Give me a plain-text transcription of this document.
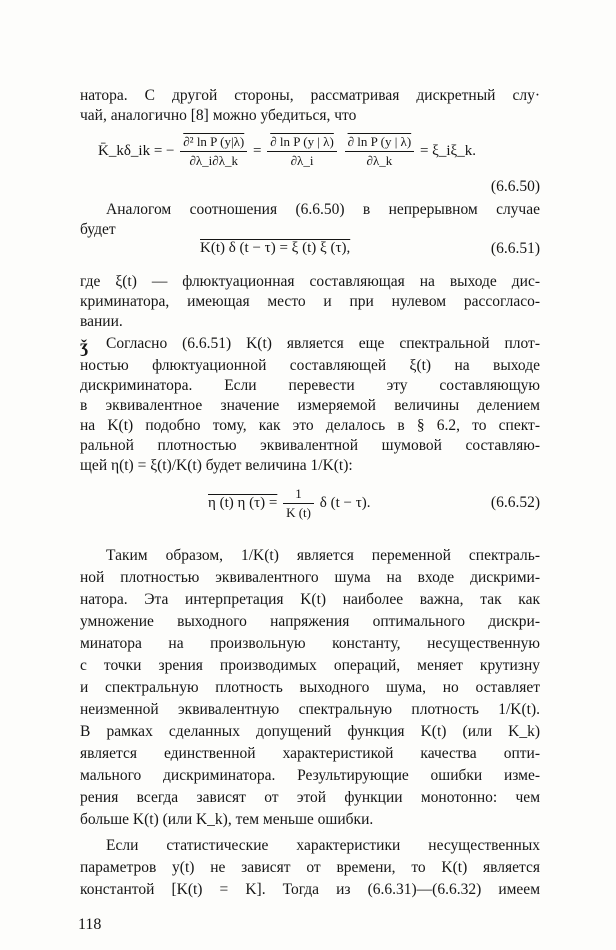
натора. С другой стороны, рассматривая дискретный слу·
чай, аналогично [8] можно убедиться, что
K̄_kδ_ik = − $\frac{\text{∂² ln P (y|λ)}}{\partial\lambda\_i\partial\lambda\_k} = \frac{\text{∂ ln P (y | λ)}}{\partial\lambda\_i}$
$\frac{\text{∂ ln P (y | λ)}}{\partial\lambda\_k}$ = ξ_iξ_k.
(6.6.50)
Аналогом соотношения (6.6.50) в непрерывном случае
будет
K(t) δ (t − τ) = ξ (t) ξ (τ),	(6.6.51)
где ξ(t) — флюктуационная составляющая на выходе дис-
криминатора, имеющая место и при нулевом рассогласо-
вании.
ǯ Согласно (6.6.51) K(t) является еще спектральной плот-
ностью флюктуационной составляющей ξ(t) на выходе
дискриминатора. Если перевести эту составляющую
в эквивалентное значение измеряемой величины делением
на K(t) подобно тому, как это делалось в § 6.2, то спект-
ральной плотностью эквивалентной шумовой составляю-
щей η(t) = ξ(t)/K(t) будет величина 1/K(t):
η (t) η $(\tau) = \frac{1}{K (t)}$ δ (t − τ).	(6.6.52)
Таким образом, 1/K(t) является переменной спектраль-
ной плотностью эквивалентного шума на входе дискрими-
натора. Эта интерпретация K(t) наиболее важна, так как
умножение выходного напряжения оптимального дискри-
минатора на произвольную константу, несущественную
с точки зрения производимых операций, меняет крутизну
и спектральную плотность выходного шума, но оставляет
неизменной эквивалентную спектральную плотность 1/K(t).
В рамках сделанных допущений функция K(t) (или K_k)
является единственной характеристикой качества опти-
мального дискриминатора. Результирующие ошибки изме-
рения всегда зависят от этой функции монотонно: чем
больше K(t) (или K_k), тем меньше ошибки.
Если статистические характеристики несущественных
параметров y(t) не зависят от времени, то K(t) является
константой [K(t) = K]. Тогда из (6.6.31)—(6.6.32) имеем
118
